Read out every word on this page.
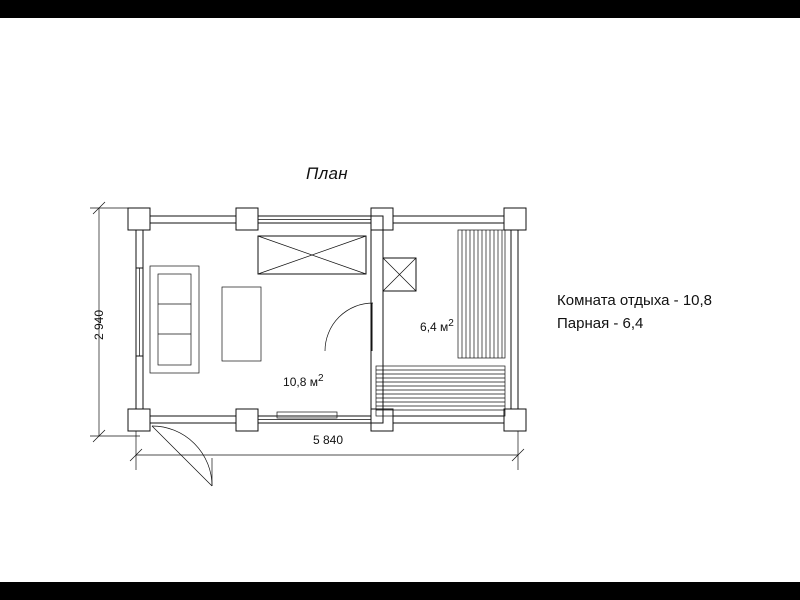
План
Комната отдыха - 10,8
Парная - 6,4

10,8 $м^2$

6,4 $м^2$

5 840
2 940
